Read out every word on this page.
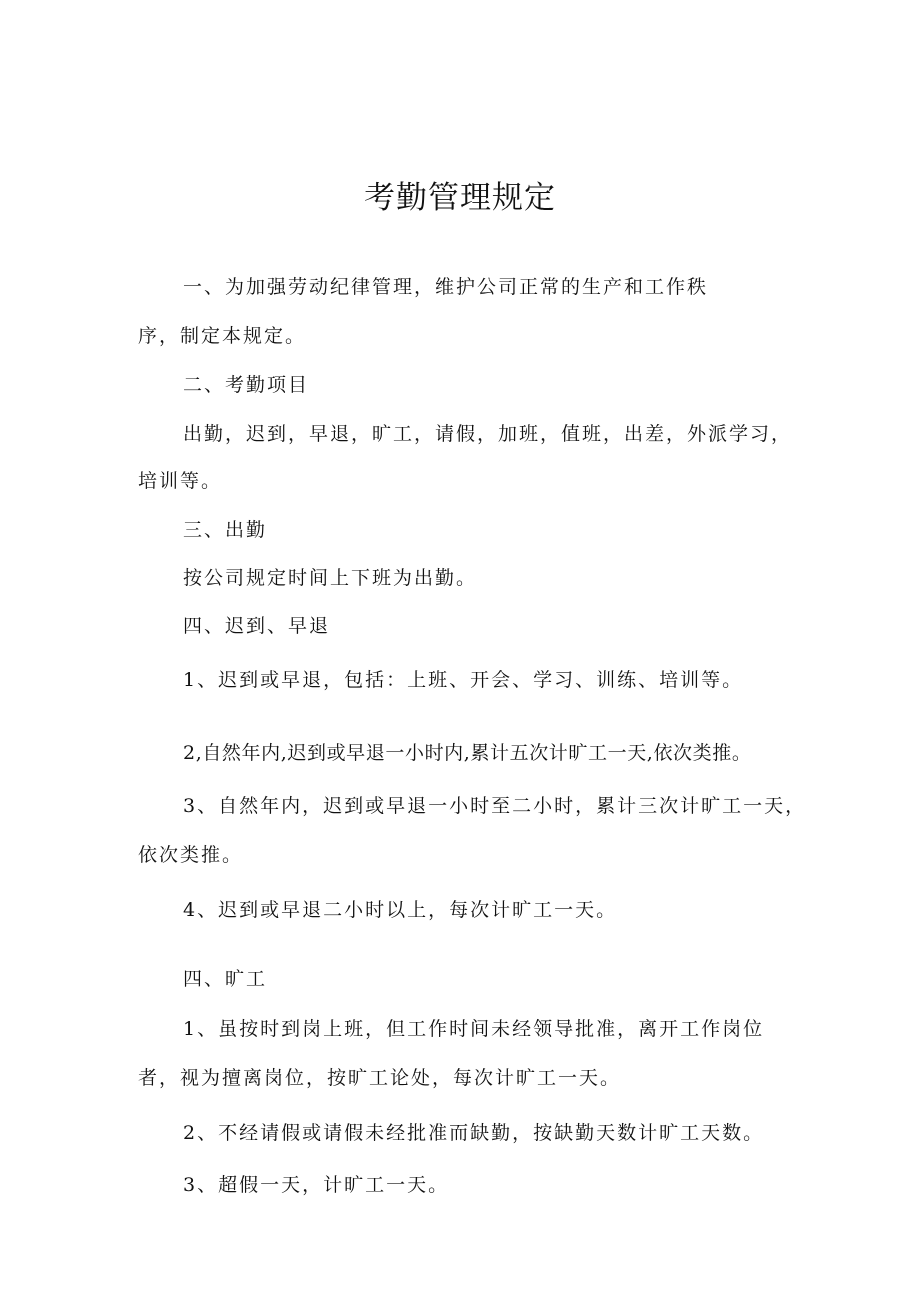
考勤管理规定

一、为加强劳动纪律管理，维护公司正常的生产和工作秩

序，制定本规定。

二、考勤项目

出勤，迟到，早退，旷工，请假，加班，值班，出差，外派学习，

培训等。

三、出勤

按公司规定时间上下班为出勤。

四、迟到、早退

1、迟到或早退，包括：上班、开会、学习、训练、培训等。

2,自然年内,迟到或早退一小时内,累计五次计旷工一天,依次类推。

3、自然年内，迟到或早退一小时至二小时，累计三次计旷工一天，

依次类推。

4、迟到或早退二小时以上，每次计旷工一天。

四、旷工

1、虽按时到岗上班，但工作时间未经领导批准，离开工作岗位

者，视为擅离岗位，按旷工论处，每次计旷工一天。

2、不经请假或请假未经批准而缺勤，按缺勤天数计旷工天数。

3、超假一天，计旷工一天。
